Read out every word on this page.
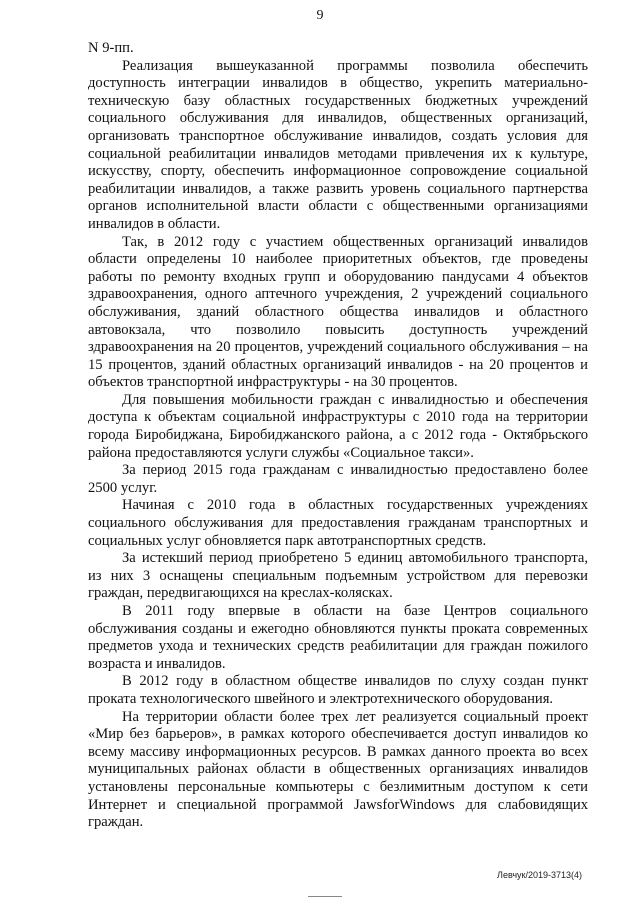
9

N 9-пп.

Реализация вышеуказанной программы позволила обеспечить доступность интеграции инвалидов в общество, укрепить материально-техническую базу областных государственных бюджетных учреждений социального обслуживания для инвалидов, общественных организаций, организовать транспортное обслуживание инвалидов, создать условия для социальной реабилитации инвалидов методами привлечения их к культуре, искусству, спорту, обеспечить информационное сопровождение социальной реабилитации инвалидов, а также развить уровень социального партнерства органов исполнительной власти области с общественными организациями инвалидов в области.

Так, в 2012 году с участием общественных организаций инвалидов области определены 10 наиболее приоритетных объектов, где проведены работы по ремонту входных групп и оборудованию пандусами 4 объектов здравоохранения, одного аптечного учреждения, 2 учреждений социального обслуживания, зданий областного общества инвалидов и областного автовокзала, что позволило повысить доступность учреждений здравоохранения на 20 процентов, учреждений социального обслуживания – на 15 процентов, зданий областных организаций инвалидов - на 20 процентов и объектов транспортной инфраструктуры - на 30 процентов.

Для повышения мобильности граждан с инвалидностью и обеспечения доступа к объектам социальной инфраструктуры с 2010 года на территории города Биробиджана, Биробиджанского района, а с 2012 года - Октябрьского района предоставляются услуги службы «Социальное такси».

За период 2015 года гражданам с инвалидностью предоставлено более 2500 услуг.

Начиная с 2010 года в областных государственных учреждениях социального обслуживания для предоставления гражданам транспортных и социальных услуг обновляется парк автотранспортных средств.

За истекший период приобретено 5 единиц автомобильного транспорта, из них 3 оснащены специальным подъемным устройством для перевозки граждан, передвигающихся на креслах-колясках.

В 2011 году впервые в области на базе Центров социального обслуживания созданы и ежегодно обновляются пункты проката современных предметов ухода и технических средств реабилитации для граждан пожилого возраста и инвалидов.

В 2012 году в областном обществе инвалидов по слуху создан пункт проката технологического швейного и электротехнического оборудования.

На территории области более трех лет реализуется социальный проект «Мир без барьеров», в рамках которого обеспечивается доступ инвалидов ко всему массиву информационных ресурсов. В рамках данного проекта во всех муниципальных районах области в общественных организациях инвалидов установлены персональные компьютеры с безлимитным доступом к сети Интернет и специальной программой JawsforWindows для слабовидящих граждан.

Левчук/2019-3713(4)
